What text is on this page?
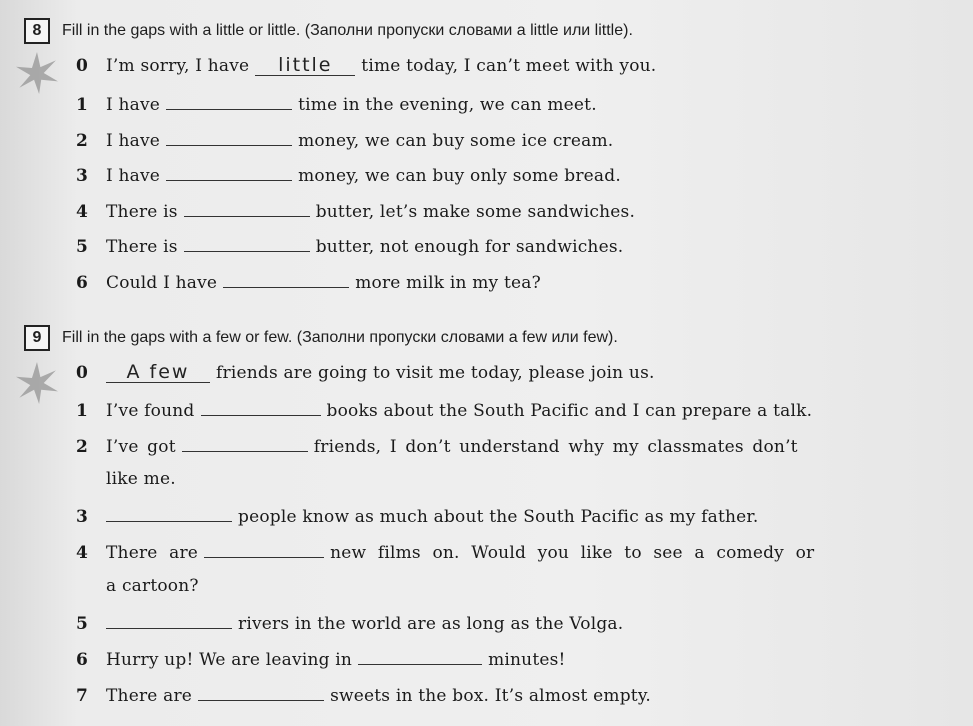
8	Fill in the gaps with a little or little. (Заполни пропуски словами a little или little).
0 I’m sorry, I have little time today, I can’t meet with you.
1 I have	time in the evening, we can meet.
2 I have	money, we can buy some ice cream.
3 I have	money, we can buy only some bread.
4 There is	butter, let’s make some sandwiches.
5 There is	butter, not enough for sandwiches.
6 Could I have	more milk in my tea?
9	Fill in the gaps with a few or few. (Заполни пропуски словами a few или few).
0 A few friends are going to visit me today, please join us.
1 I’ve found	books about the South Pacific and I can prepare a talk.
2 I’ve got	friends, I don’t understand why my classmates don’t
like me.
3	people know as much about the South Pacific as my father.
4 There are	new films on. Would you like to see a comedy or
a cartoon?
5	rivers in the world are as long as the Volga.
6 Hurry up! We are leaving in	minutes!
7 There are	sweets in the box. It’s almost empty.
